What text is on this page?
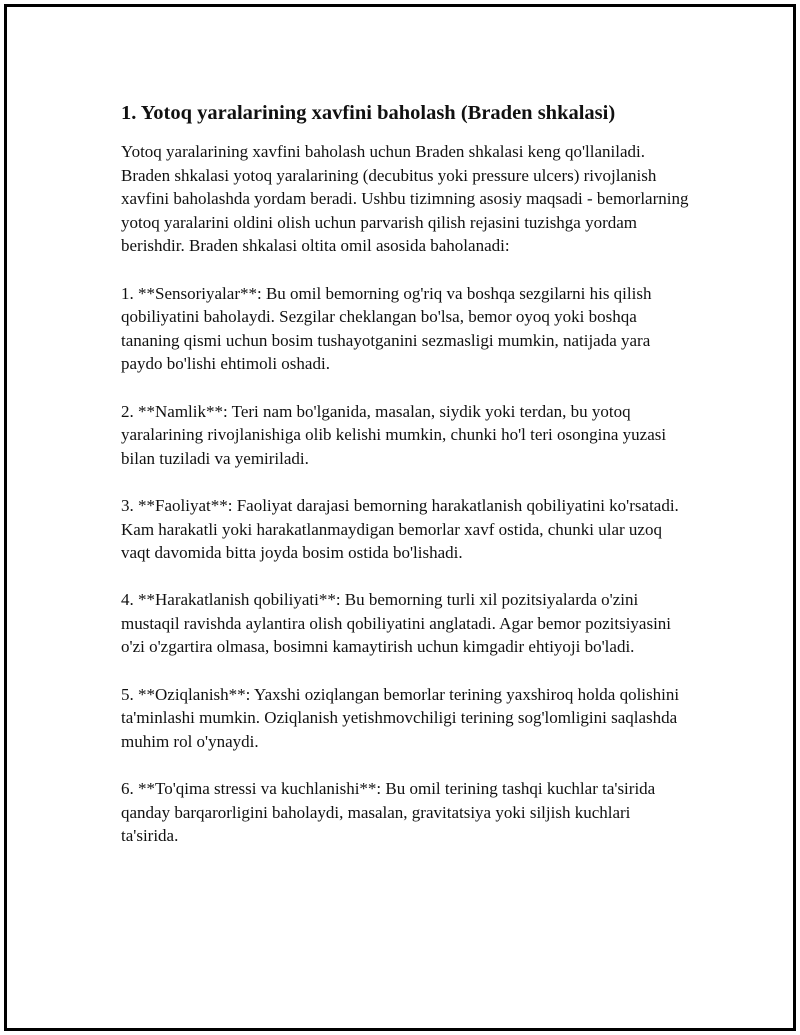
1. Yotoq yaralarining xavfini baholash (Braden shkalasi)

Yotoq yaralarining xavfini baholash uchun Braden shkalasi keng qo'llaniladi. Braden shkalasi yotoq yaralarining (decubitus yoki pressure ulcers) rivojlanish xavfini baholashda yordam beradi. Ushbu tizimning asosiy maqsadi - bemorlarning yotoq yaralarini oldini olish uchun parvarish qilish rejasini tuzishga yordam berishdir. Braden shkalasi oltita omil asosida baholanadi:

1. **Sensoriyalar**: Bu omil bemorning og'riq va boshqa sezgilarni his qilish qobiliyatini baholaydi. Sezgilar cheklangan bo'lsa, bemor oyoq yoki boshqa tananing qismi uchun bosim tushayotganini sezmasligi mumkin, natijada yara paydo bo'lishi ehtimoli oshadi.

2. **Namlik**: Teri nam bo'lganida, masalan, siydik yoki terdan, bu yotoq yaralarining rivojlanishiga olib kelishi mumkin, chunki ho'l teri osongina yuzasi bilan tuziladi va yemiriladi.

3. **Faoliyat**: Faoliyat darajasi bemorning harakatlanish qobiliyatini ko'rsatadi. Kam harakatli yoki harakatlanmaydigan bemorlar xavf ostida, chunki ular uzoq vaqt davomida bitta joyda bosim ostida bo'lishadi.

4. **Harakatlanish qobiliyati**: Bu bemorning turli xil pozitsiyalarda o'zini mustaqil ravishda aylantira olish qobiliyatini anglatadi. Agar bemor pozitsiyasini o'zi o'zgartira olmasa, bosimni kamaytirish uchun kimgadir ehtiyoji bo'ladi.

5. **Oziqlanish**: Yaxshi oziqlangan bemorlar terining yaxshiroq holda qolishini ta'minlashi mumkin. Oziqlanish yetishmovchiligi terining sog'lomligini saqlashda muhim rol o'ynaydi.

6. **To'qima stressi va kuchlanishi**: Bu omil terining tashqi kuchlar ta'sirida qanday barqarorligini baholaydi, masalan, gravitatsiya yoki siljish kuchlari ta'sirida.
